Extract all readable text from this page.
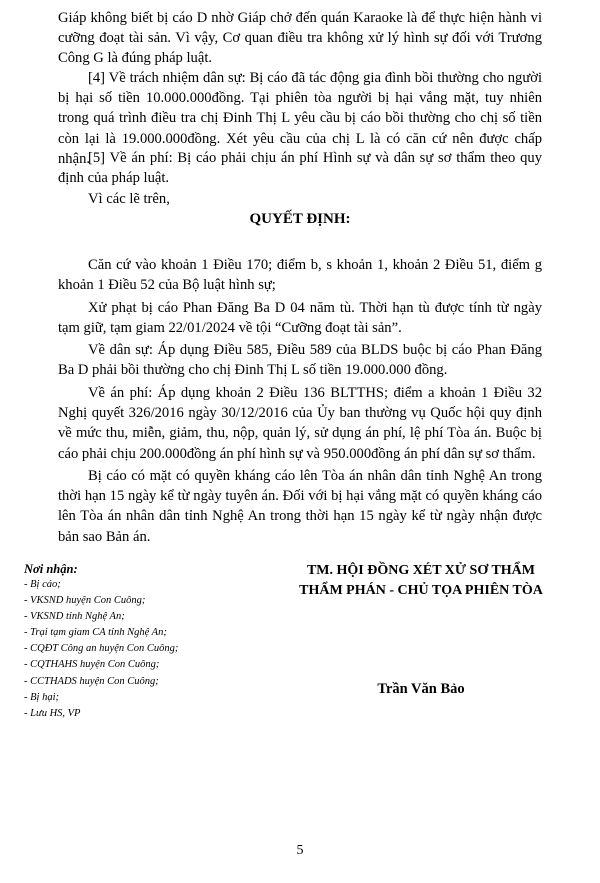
Giáp không biết bị cáo D nhờ Giáp chở đến quán Karaoke là để thực hiện hành vi cưỡng đoạt tài sản. Vì vậy, Cơ quan điều tra không xử lý hình sự đối với Trương Công G là đúng pháp luật.

[4] Về trách nhiệm dân sự: Bị cáo đã tác động gia đình bồi thường cho người bị hại số tiền 10.000.000đồng. Tại phiên tòa người bị hại vắng mặt, tuy nhiên trong quá trình điều tra chị Đinh Thị L yêu cầu bị cáo bồi thường cho chị số tiền còn lại là 19.000.000đồng. Xét yêu cầu của chị L là có căn cứ nên được chấp nhận.

[5] Về án phí: Bị cáo phải chịu án phí Hình sự và dân sự sơ thẩm theo quy định của pháp luật.

Vì các lẽ trên,

QUYẾT ĐỊNH:

Căn cứ vào khoản 1 Điều 170; điểm b, s khoản 1, khoản 2 Điều 51, điểm g khoản 1 Điều 52 của Bộ luật hình sự;

Xử phạt bị cáo Phan Đăng Ba D 04 năm tù. Thời hạn tù được tính từ ngày tạm giữ, tạm giam 22/01/2024 về tội “Cưỡng đoạt tài sản”.

Về dân sự: Áp dụng Điều 585, Điều 589 của BLDS buộc bị cáo Phan Đăng Ba D phải bồi thường cho chị Đinh Thị L số tiền 19.000.000 đồng.

Về án phí: Áp dụng khoản 2 Điều 136 BLTTHS; điểm a khoản 1 Điều 32 Nghị quyết 326/2016 ngày 30/12/2016 của Ủy ban thường vụ Quốc hội quy định về mức thu, miễn, giảm, thu, nộp, quản lý, sử dụng án phí, lệ phí Tòa án. Buộc bị cáo phải chịu 200.000đồng án phí hình sự và 950.000đồng án phí dân sự sơ thẩm.

Bị cáo có mặt có quyền kháng cáo lên Tòa án nhân dân tỉnh Nghệ An trong thời hạn 15 ngày kể từ ngày tuyên án. Đối với bị hại vắng mặt có quyền kháng cáo lên Tòa án nhân dân tỉnh Nghệ An trong thời hạn 15 ngày kể từ ngày nhận được bản sao Bản án.

Nơi nhận:
- Bị cáo;
- VKSND huyện Con Cuông;
- VKSND tỉnh Nghệ An;
- Trại tạm giam CA tỉnh Nghệ An;
- CQĐT Công an huyện Con Cuông;
- CQTHAHS huyện Con Cuông;
- CCTHADS huyện Con Cuông;
- Bị hại;
- Lưu HS, VP
TM. HỘI ĐỒNG XÉT XỬ SƠ THẨM
THẨM PHÁN - CHỦ TỌA PHIÊN TÒA
Trần Văn Bảo
5
